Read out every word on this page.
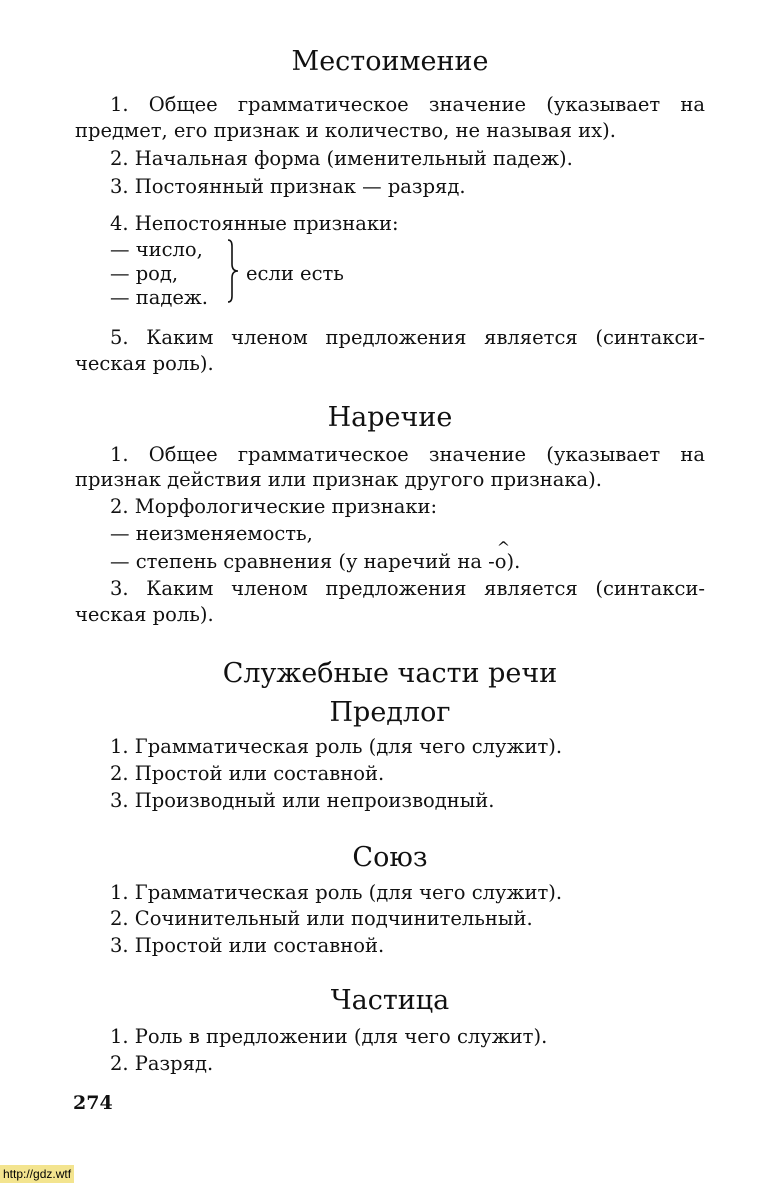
Местоимение
1. Общее грамматическое значение (указывает на
предмет, его признак и количество, не называя их).
2. Начальная форма (именительный падеж).
3. Постоянный признак — разряд.
4. Непостоянные признаки:
— число,
— род,
— падеж.
если есть
5. Каким членом предложения является (синтакси-
ческая роль).
Наречие
1. Общее грамматическое значение (указывает на
признак действия или признак другого признака).
2. Морфологические признаки:
— неизменяемость,
— степень сравнения (у наречий на -^ о).
3. Каким членом предложения является (синтакси-
ческая роль).
Служебные части речи
Предлог
1. Грамматическая роль (для чего служит).
2. Простой или составной.
3. Производный или непроизводный.
Союз
1. Грамматическая роль (для чего служит).
2. Сочинительный или подчинительный.
3. Простой или составной.
Частица
1. Роль в предложении (для чего служит).
2. Разряд.
274
http://gdz.wtf
